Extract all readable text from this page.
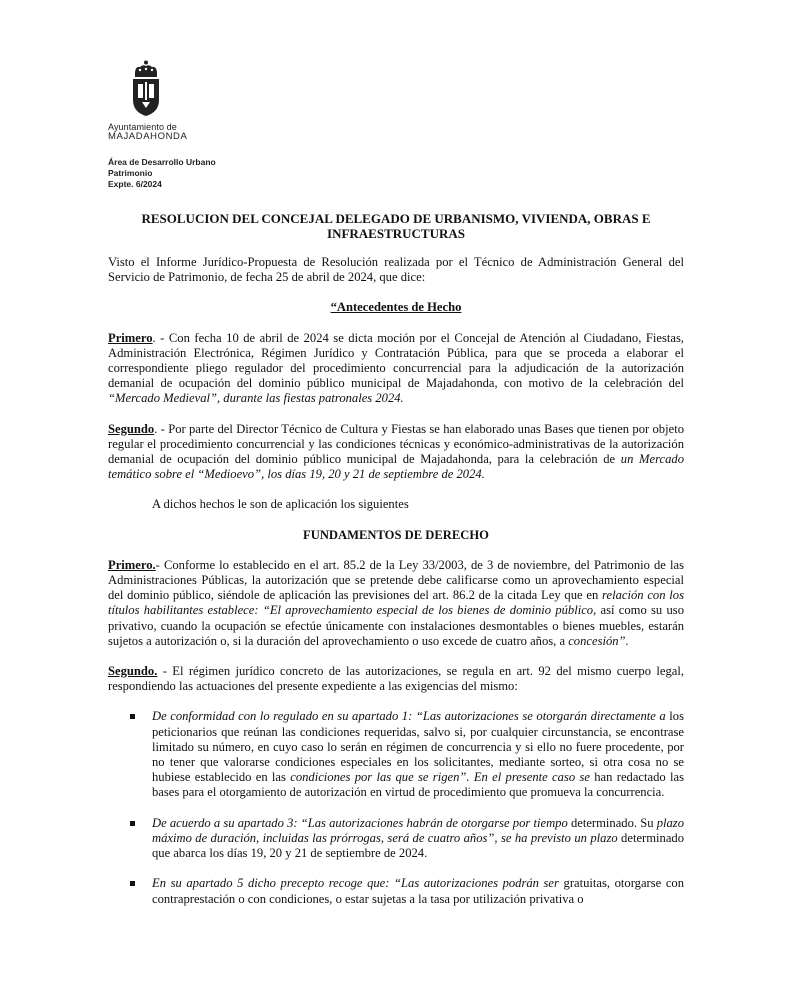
Ayuntamiento de
MAJADAHONDA
Área de Desarrollo Urbano
Patrimonio
Expte. 6/2024
RESOLUCION DEL CONCEJAL DELEGADO DE URBANISMO, VIVIENDA, OBRAS E
INFRAESTRUCTURAS

Visto el Informe Jurídico-Propuesta de Resolución realizada por el Técnico de Administración General del Servicio de Patrimonio, de fecha 25 de abril de 2024, que dice:

“Antecedentes de Hecho

Primero. - Con fecha 10 de abril de 2024 se dicta moción por el Concejal de Atención al Ciudadano, Fiestas, Administración Electrónica, Régimen Jurídico y Contratación Pública, para que se proceda a elaborar el correspondiente pliego regulador del procedimiento concurrencial para la adjudicación de la autorización demanial de ocupación del dominio público municipal de Majadahonda, con motivo de la celebración del “Mercado Medieval”, durante las fiestas patronales 2024.

Segundo. - Por parte del Director Técnico de Cultura y Fiestas se han elaborado unas Bases que tienen por objeto regular el procedimiento concurrencial y las condiciones técnicas y económico-administrativas de la autorización demanial de ocupación del dominio público municipal de Majadahonda, para la celebración de un Mercado temático sobre el “Medioevo”, los días 19, 20 y 21 de septiembre de 2024.

A dichos hechos le son de aplicación los siguientes

FUNDAMENTOS DE DERECHO

Primero.- Conforme lo establecido en el art. 85.2 de la Ley 33/2003, de 3 de noviembre, del Patrimonio de las Administraciones Públicas, la autorización que se pretende debe calificarse como un aprovechamiento especial del dominio público, siéndole de aplicación las previsiones del art. 86.2 de la citada Ley que en relación con los títulos habilitantes establece: “El aprovechamiento especial de los bienes de dominio público, así como su uso privativo, cuando la ocupación se efectúe únicamente con instalaciones desmontables o bienes muebles, estarán sujetos a autorización o, si la duración del aprovechamiento o uso excede de cuatro años, a concesión”.

Segundo. - El régimen jurídico concreto de las autorizaciones, se regula en art. 92 del mismo cuerpo legal, respondiendo las actuaciones del presente expediente a las exigencias del mismo:

De conformidad con lo regulado en su apartado 1: “Las autorizaciones se otorgarán directamente a los peticionarios que reúnan las condiciones requeridas, salvo si, por cualquier circunstancia, se encontrase limitado su número, en cuyo caso lo serán en régimen de concurrencia y si ello no fuere procedente, por no tener que valorarse condiciones especiales en los solicitantes, mediante sorteo, si otra cosa no se hubiese establecido en las condiciones por las que se rigen”. En el presente caso se han redactado las bases para el otorgamiento de autorización en virtud de procedimiento que promueva la concurrencia.
De acuerdo a su apartado 3: “Las autorizaciones habrán de otorgarse por tiempo determinado. Su plazo máximo de duración, incluidas las prórrogas, será de cuatro años”, se ha previsto un plazo determinado que abarca los días 19, 20 y 21 de septiembre de 2024.
En su apartado 5 dicho precepto recoge que: “Las autorizaciones podrán ser gratuitas, otorgarse con contraprestación o con condiciones, o estar sujetas a la tasa por utilización privativa o
